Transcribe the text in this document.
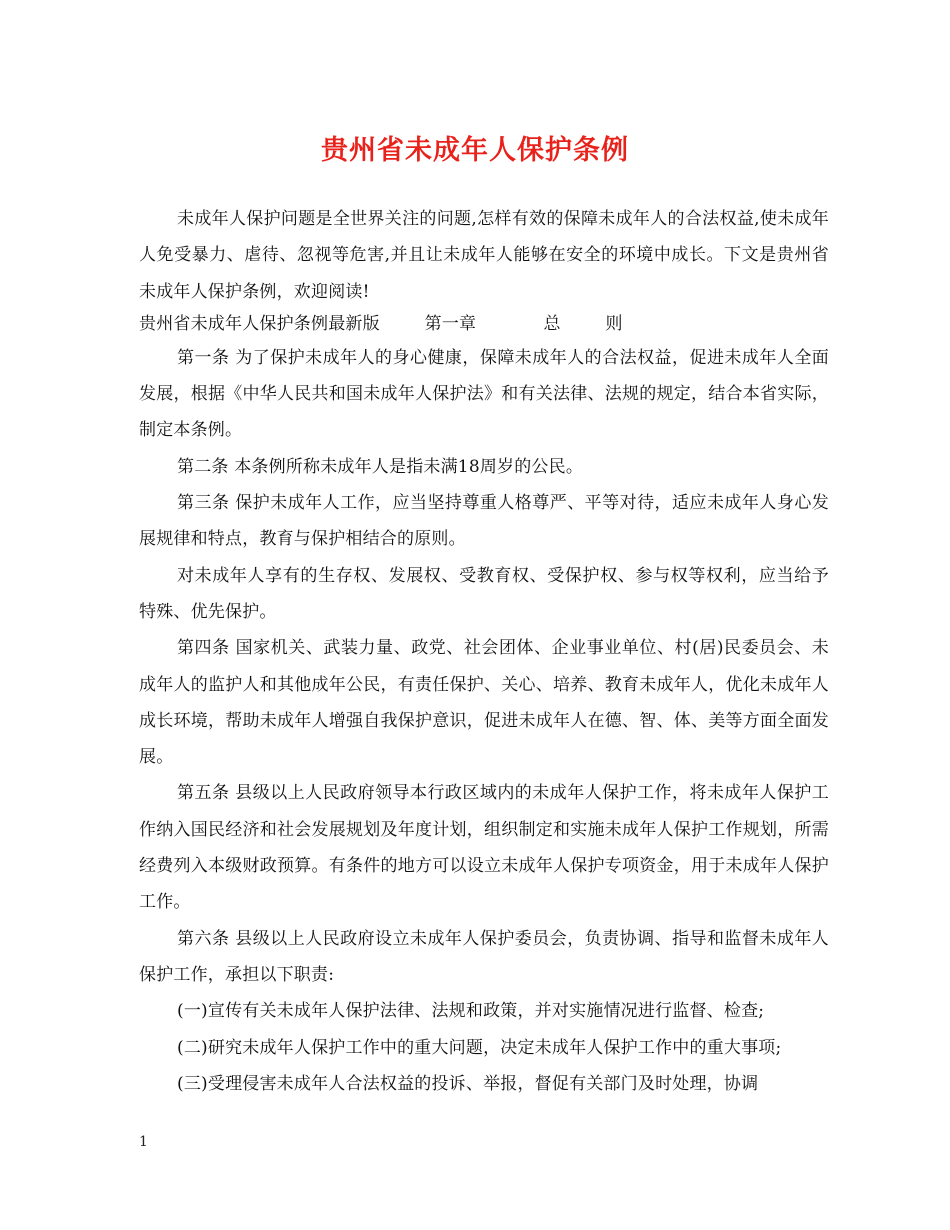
贵州省未成年人保护条例

未成年人保护问题是全世界关注的问题,怎样有效的保障未成年人的合法权益,使未成年人免受暴力、虐待、忽视等危害,并且让未成年人能够在安全的环境中成长。下文是贵州省未成年人保护条例，欢迎阅读!

贵州省未成年人保护条例最新版        第一章            总        则

第一条 为了保护未成年人的身心健康，保障未成年人的合法权益，促进未成年人全面发展，根据《中华人民共和国未成年人保护法》和有关法律、法规的规定，结合本省实际，制定本条例。

第二条 本条例所称未成年人是指未满18周岁的公民。

第三条 保护未成年人工作，应当坚持尊重人格尊严、平等对待，适应未成年人身心发展规律和特点，教育与保护相结合的原则。

对未成年人享有的生存权、发展权、受教育权、受保护权、参与权等权利，应当给予特殊、优先保护。

第四条 国家机关、武装力量、政党、社会团体、企业事业单位、村(居)民委员会、未成年人的监护人和其他成年公民，有责任保护、关心、培养、教育未成年人，优化未成年人成长环境，帮助未成年人增强自我保护意识，促进未成年人在德、智、体、美等方面全面发展。

第五条 县级以上人民政府领导本行政区域内的未成年人保护工作，将未成年人保护工作纳入国民经济和社会发展规划及年度计划，组织制定和实施未成年人保护工作规划，所需经费列入本级财政预算。有条件的地方可以设立未成年人保护专项资金，用于未成年人保护工作。

第六条 县级以上人民政府设立未成年人保护委员会，负责协调、指导和监督未成年人保护工作，承担以下职责:

(一)宣传有关未成年人保护法律、法规和政策，并对实施情况进行监督、检查;

(二)研究未成年人保护工作中的重大问题，决定未成年人保护工作中的重大事项;

(三)受理侵害未成年人合法权益的投诉、举报，督促有关部门及时处理，协调

1
